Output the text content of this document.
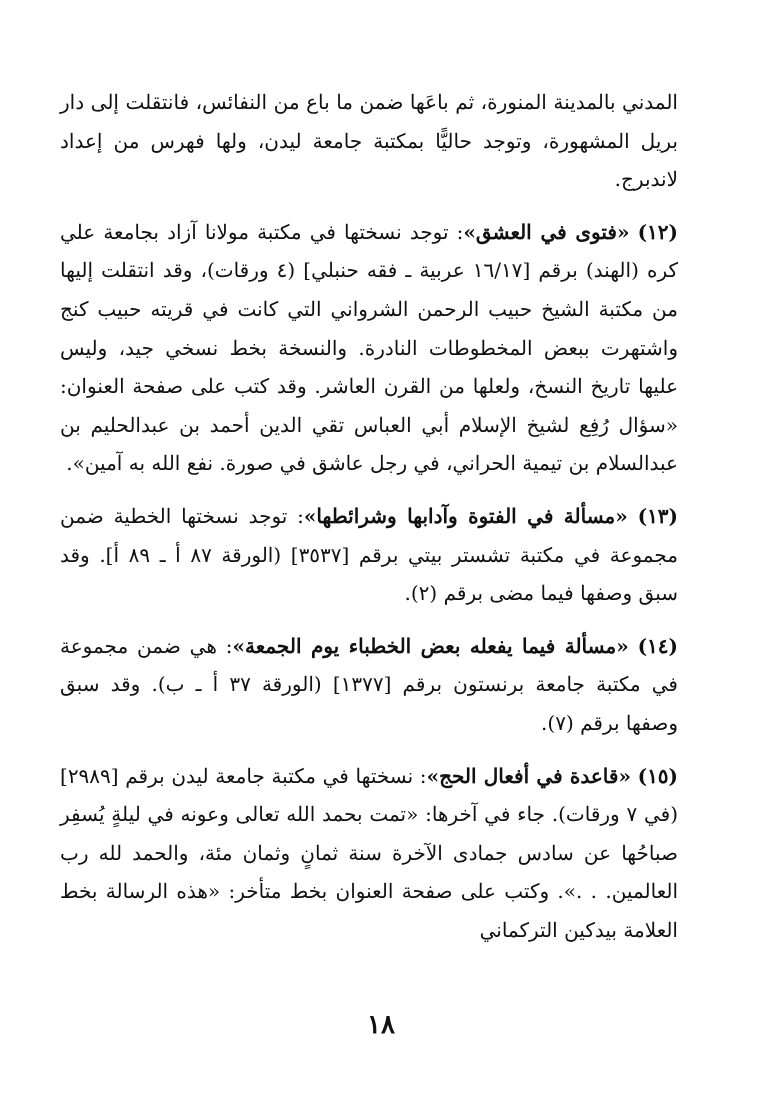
المدني بالمدينة المنورة، ثم باعَها ضمن ما باع من النفائس، فانتقلت إلى دار بريل المشهورة، وتوجد حاليًّا بمكتبة جامعة ليدن، ولها فهرس من إعداد لاندبرج.

(١٢) «فتوى في العشق»: توجد نسختها في مكتبة مولانا آزاد بجامعة علي كره (الهند) برقم [١٦/١٧ عربية ـ فقه حنبلي] (٤ ورقات)، وقد انتقلت إليها من مكتبة الشيخ حبيب الرحمن الشرواني التي كانت في قريته حبيب كنج واشتهرت ببعض المخطوطات النادرة. والنسخة بخط نسخي جيد، وليس عليها تاريخ النسخ، ولعلها من القرن العاشر. وقد كتب على صفحة العنوان: «سؤال رُفِع لشيخ الإسلام أبي العباس تقي الدين أحمد بن عبدالحليم بن عبدالسلام بن تيمية الحراني، في رجل عاشق في صورة. نفع الله به آمين».

(١٣) «مسألة في الفتوة وآدابها وشرائطها»: توجد نسختها الخطية ضمن مجموعة في مكتبة تشستر بيتي برقم [٣٥٣٧] (الورقة ٨٧ أ ـ ٨٩ أ]. وقد سبق وصفها فيما مضى برقم (٢).

(١٤) «مسألة فيما يفعله بعض الخطباء يوم الجمعة»: هي ضمن مجموعة في مكتبة جامعة برنستون برقم [١٣٧٧] (الورقة ٣٧ أ ـ ب). وقد سبق وصفها برقم (٧).

(١٥) «قاعدة في أفعال الحج»: نسختها في مكتبة جامعة ليدن برقم [٢٩٨٩] (في ٧ ورقات). جاء في آخرها: «تمت بحمد الله تعالى وعونه في ليلةٍ يُسفِر صباحُها عن سادس جمادى الآخرة سنة ثمانٍ وثمان مئة، والحمد لله رب العالمين. . .». وكتب على صفحة العنوان بخط متأخر: «هذه الرسالة بخط العلامة بيدكين التركماني

١٨
